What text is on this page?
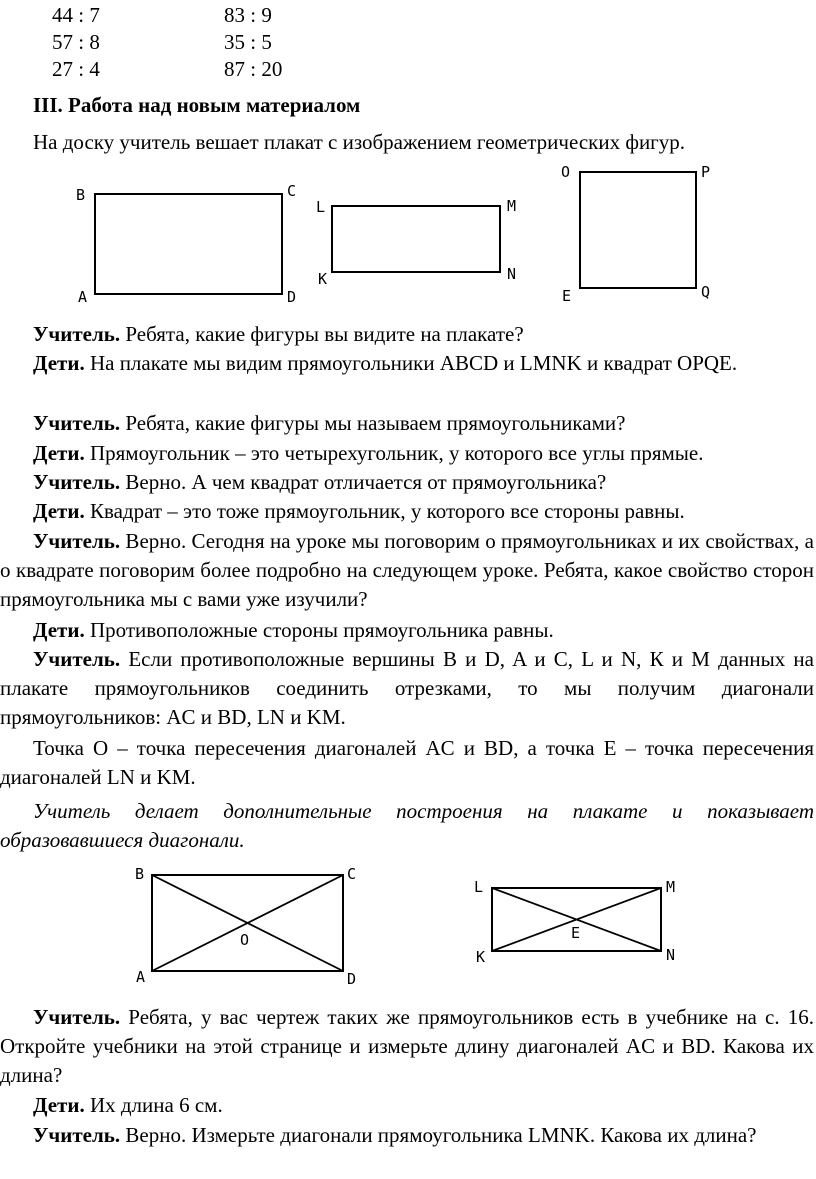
44 : 7	83 : 9
57 : 8	35 : 5
27 : 4	87 : 20
III. Работа над новым материалом

На доску учитель вешает плакат с изображением геометрических фигур.

B	C
A	D
L	M
K	N
O	P
E	Q

Учитель. Ребята, какие фигуры вы видите на плакате?

Дети. На плакате мы видим прямоугольники ABCD и LMNK и квадрат OPQE.

Учитель. Ребята, какие фигуры мы называем прямоугольниками?

Дети. Прямоугольник – это четырехугольник, у которого все углы прямые.

Учитель. Верно. А чем квадрат отличается от прямоугольника?

Дети. Квадрат – это тоже прямоугольник, у которого все стороны равны.

Учитель. Верно. Сегодня на уроке мы поговорим о прямоугольниках и их свойствах, а о квадрате поговорим более подробно на следующем уроке. Ребята, какое свойство сторон прямоугольника мы с вами уже изучили?

Дети. Противоположные стороны прямоугольника равны.

Учитель. Если противоположные вершины B и D, A и C, L и N, К и M данных на плакате прямоугольников соединить отрезками, то мы получим диагонали прямоугольников: AC и BD, LN и KM.

Точка O – точка пересечения диагоналей AC и BD, а точка E – точка пересечения диагоналей LN и KM.

Учитель делает дополнительные построения на плакате и показывает образовавшиеся диагонали.

B	C
A	D
O
L	M
K	N
E

Учитель. Ребята, у вас чертеж таких же прямоугольников есть в учебнике на с. 16. Откройте учебники на этой странице и измерьте длину диагоналей AC и BD. Какова их длина?

Дети. Их длина 6 см.

Учитель. Верно. Измерьте диагонали прямоугольника LMNK. Какова их длина?
